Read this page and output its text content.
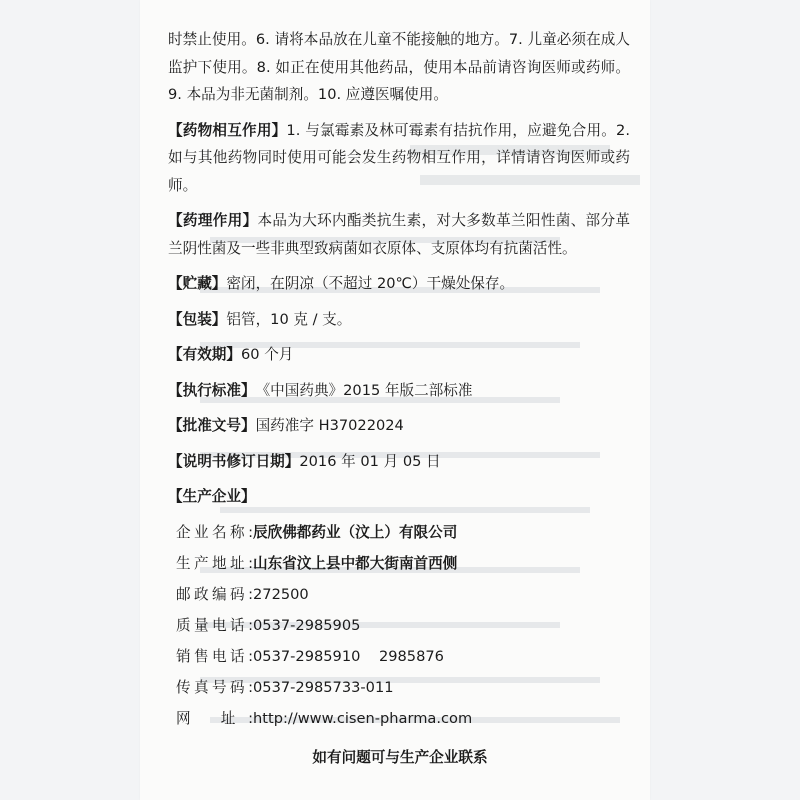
时禁止使用。6. 请将本品放在儿童不能接触的地方。7. 儿童必须在成人监护下使用。8. 如正在使用其他药品，使用本品前请咨询医师或药师。9. 本品为非无菌制剂。10. 应遵医嘱使用。

【药物相互作用】1. 与氯霉素及林可霉素有拮抗作用，应避免合用。2. 如与其他药物同时使用可能会发生药物相互作用，详情请咨询医师或药师。

【药理作用】本品为大环内酯类抗生素，对大多数革兰阳性菌、部分革兰阴性菌及一些非典型致病菌如衣原体、支原体均有抗菌活性。

【贮藏】 密闭，在阴凉（不超过 20℃）干燥处保存。
【包装】 铝管，10 克 / 支。
【有效期】 60 个月
【执行标准】 《中国药典》2015 年版二部标准
【批准文号】 国药准字 H37022024
【说明书修订日期】 2016 年 01 月 05 日
【生产企业】
企业名称: 辰欣佛都药业（汶上）有限公司
生产地址: 山东省汶上县中都大街南首西侧
邮政编码: 272500
质量电话: 0537-2985905
销售电话: 0537-2985910    2985876
传真号码: 0537-2985733-011
网 址: http://www.cisen-pharma.com
如有问题可与生产企业联系
